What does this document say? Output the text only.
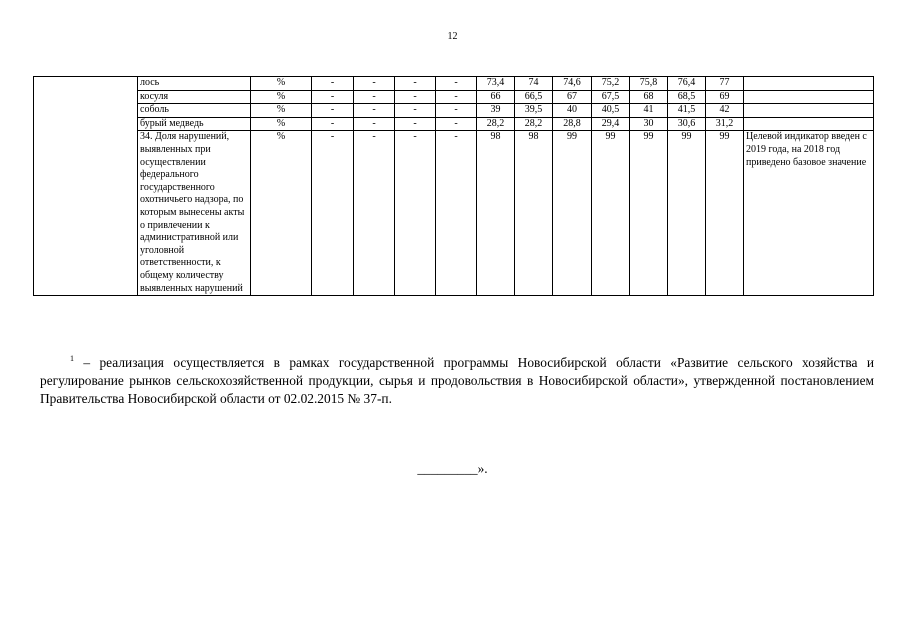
12
	лось	%	-	-	-	-	73,4	74	74,6	75,2	75,8	76,4	77	
	косуля	%	-	-	-	-	66	66,5	67	67,5	68	68,5	69	
	соболь	%	-	-	-	-	39	39,5	40	40,5	41	41,5	42	
	бурый медведь	%	-	-	-	-	28,2	28,2	28,8	29,4	30	30,6	31,2	
	34. Доля нарушений, выявленных при осуществлении федерального государственного охотничьего надзора, по которым вынесены акты о привлечении к административной или уголовной ответственности, к общему количеству выявленных нарушений	%	-	-	-	-	98	98	99	99	99	99	99	Целевой индикатор введен с 2019 года, на 2018 год приведено базовое значение
$^1$ – реализация осуществляется в рамках государственной программы Новосибирской области «Развитие сельского хозяйства и регулирование рынков сельскохозяйственной продукции, сырья и продовольствия в Новосибирской области», утвержденной постановлением Правительства Новосибирской области от 02.02.2015 № 37-п.
_________».
